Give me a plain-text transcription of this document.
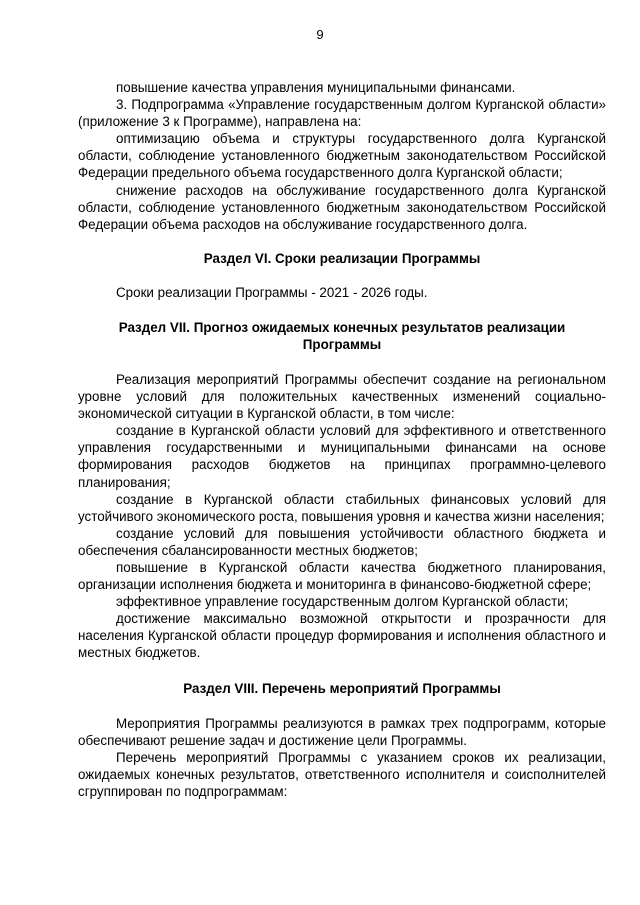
9

повышение качества управления муниципальными финансами.

3. Подпрограмма «Управление государственным долгом Курганской области» (приложение 3 к Программе), направлена на:

оптимизацию объема и структуры государственного долга Курганской области, соблюдение установленного бюджетным законодательством Российской Федерации предельного объема государственного долга Курганской области;

снижение расходов на обслуживание государственного долга Курганской области, соблюдение установленного бюджетным законодательством Российской Федерации объема расходов на обслуживание государственного долга.

Раздел VI. Сроки реализации Программы

Сроки реализации Программы - 2021 - 2026 годы.

Раздел VII. Прогноз ожидаемых конечных результатов реализации
Программы

Реализация мероприятий Программы обеспечит создание на региональном уровне условий для положительных качественных изменений социально-экономической ситуации в Курганской области, в том числе:

создание в Курганской области условий для эффективного и ответственного управления государственными и муниципальными финансами на основе формирования расходов бюджетов на принципах программно-целевого планирования;

создание в Курганской области стабильных финансовых условий для устойчивого экономического роста, повышения уровня и качества жизни населения;

создание условий для повышения устойчивости областного бюджета и обеспечения сбалансированности местных бюджетов;

повышение в Курганской области качества бюджетного планирования, организации исполнения бюджета и мониторинга в финансово-бюджетной сфере;

эффективное управление государственным долгом Курганской области;

достижение максимально возможной открытости и прозрачности для населения Курганской области процедур формирования и исполнения областного и местных бюджетов.

Раздел VIII. Перечень мероприятий Программы

Мероприятия Программы реализуются в рамках трех подпрограмм, которые обеспечивают решение задач и достижение цели Программы.

Перечень мероприятий Программы с указанием сроков их реализации, ожидаемых конечных результатов, ответственного исполнителя и соисполнителей сгруппирован по подпрограммам:
